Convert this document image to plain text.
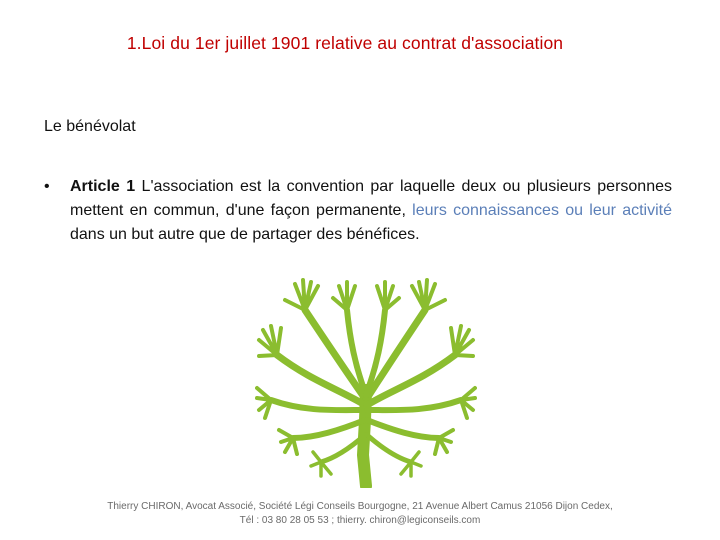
1.Loi du 1er juillet 1901 relative au contrat d'association
Le bénévolat
• Article 1 L'association est la convention par laquelle deux ou plusieurs personnes mettent en commun, d'une façon permanente, leurs connaissances ou leur activité dans un but autre que de partager des bénéfices.
Thierry CHIRON, Avocat Associé, Société Légi Conseils Bourgogne, 21 Avenue Albert Camus 21056 Dijon Cedex,
Tél : 03 80 28 05 53 ; thierry. chiron@legiconseils.com
